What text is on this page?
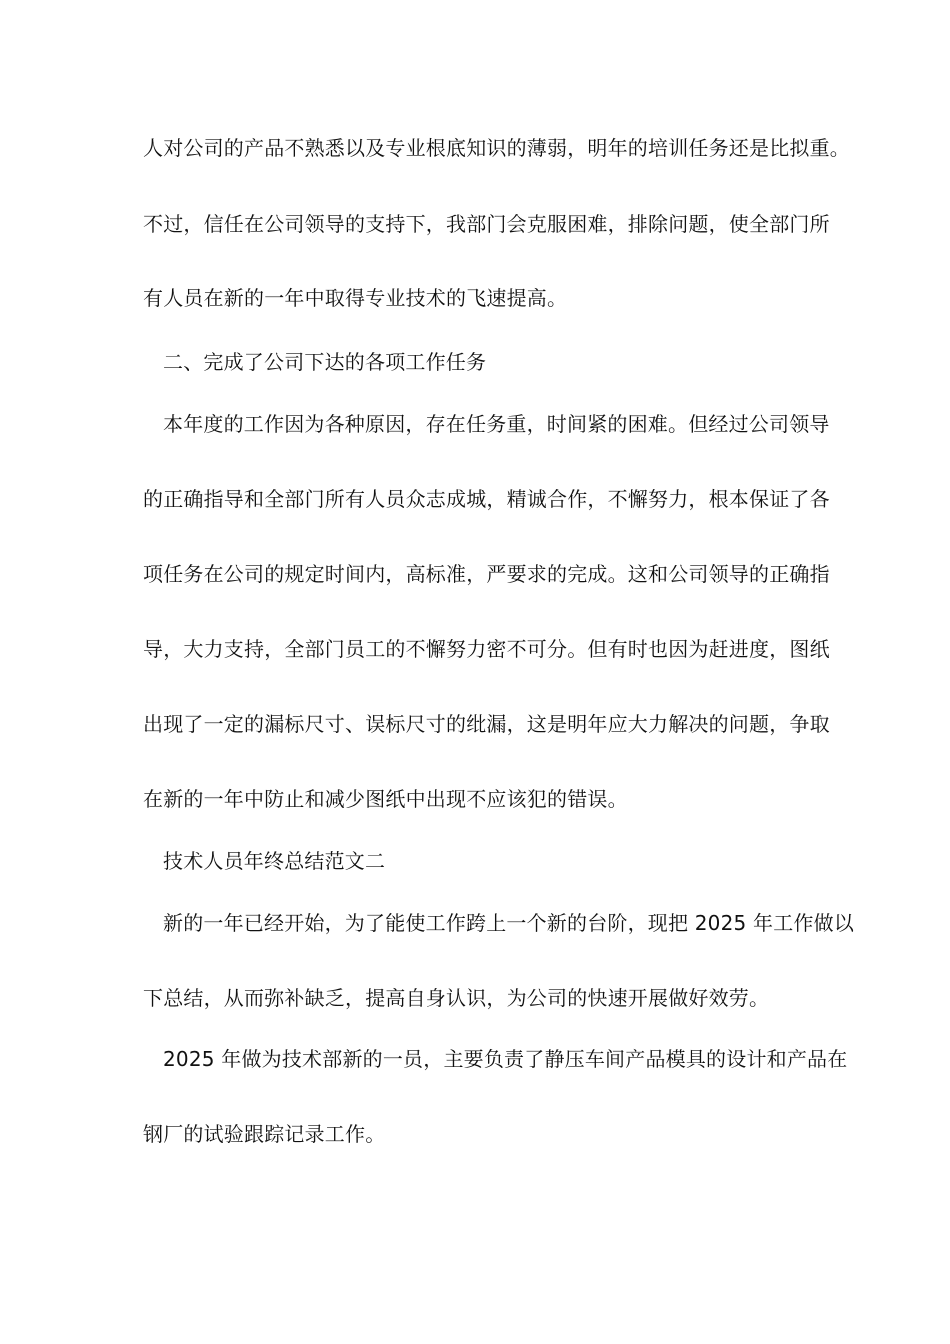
人对公司的产品不熟悉以及专业根底知识的薄弱，明年的培训任务还是比拟重。
不过，信任在公司领导的支持下，我部门会克服困难，排除问题，使全部门所
有人员在新的一年中取得专业技术的飞速提高。
二、完成了公司下达的各项工作任务
本年度的工作因为各种原因，存在任务重，时间紧的困难。但经过公司领导
的正确指导和全部门所有人员众志成城，精诚合作，不懈努力，根本保证了各
项任务在公司的规定时间内，高标准，严要求的完成。这和公司领导的正确指
导，大力支持，全部门员工的不懈努力密不可分。但有时也因为赶进度，图纸
出现了一定的漏标尺寸、误标尺寸的纰漏，这是明年应大力解决的问题，争取
在新的一年中防止和减少图纸中出现不应该犯的错误。
技术人员年终总结范文二
新的一年已经开始，为了能使工作跨上一个新的台阶，现把 2025 年工作做以
下总结，从而弥补缺乏，提高自身认识，为公司的快速开展做好效劳。
2025 年做为技术部新的一员，主要负责了静压车间产品模具的设计和产品在
钢厂的试验跟踪记录工作。
